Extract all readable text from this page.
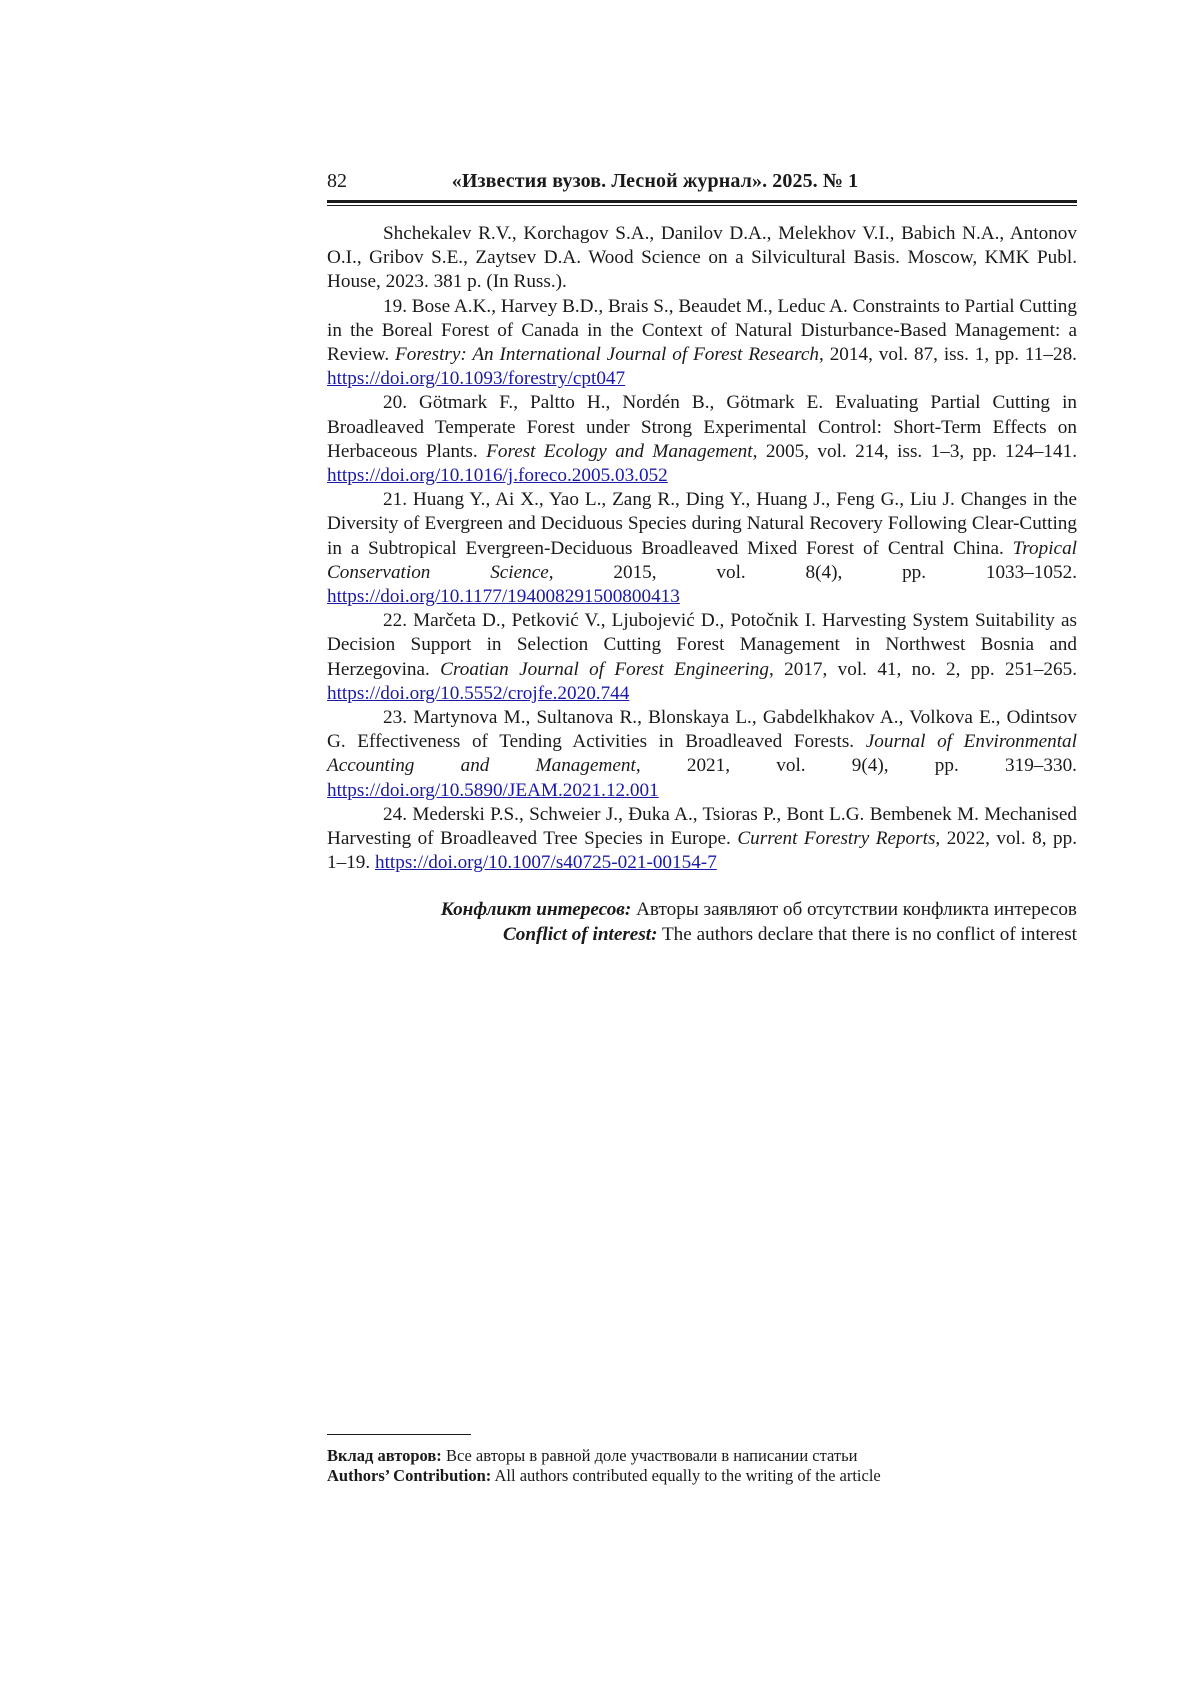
82	«Известия вузов. Лесной журнал». 2025. № 1

Shchekalev R.V., Korchagov S.A., Danilov D.A., Melekhov V.I., Babich N.A., Antonov O.I., Gribov S.E., Zaytsev D.A. Wood Science on a Silvicultural Basis. Moscow, KMK Publ. House, 2023. 381 p. (In Russ.).

19. Bose A.K., Harvey B.D., Brais S., Beaudet M., Leduc A. Constraints to Partial Cutting in the Boreal Forest of Canada in the Context of Natural Disturbance-Based Management: a Review. Forestry: An International Journal of Forest Research, 2014, vol. 87, iss. 1, pp. 11–28. https://doi.org/10.1093/forestry/cpt047

20. Götmark F., Paltto H., Nordén B., Götmark E. Evaluating Partial Cutting in Broadleaved Temperate Forest under Strong Experimental Control: Short-Term Effects on Herbaceous Plants. Forest Ecology and Management, 2005, vol. 214, iss. 1–3, pp. 124–141. https://doi.org/10.1016/j.foreco.2005.03.052

21. Huang Y., Ai X., Yao L., Zang R., Ding Y., Huang J., Feng G., Liu J. Changes in the Diversity of Evergreen and Deciduous Species during Natural Recovery Following Clear-Cutting in a Subtropical Evergreen-Deciduous Broadleaved Mixed Forest of Central China. Tropical Conservation Science, 2015, vol. 8(4), pp. 1033–1052. https://doi.org/10.1177/194008291500800413

22. Marčeta D., Petković V., Ljubojević D., Potočnik I. Harvesting System Suitability as Decision Support in Selection Cutting Forest Management in Northwest Bosnia and Herzegovina. Croatian Journal of Forest Engineering, 2017, vol. 41, no. 2, pp. 251–265. https://doi.org/10.5552/crojfe.2020.744

23. Martynova M., Sultanova R., Blonskaya L., Gabdelkhakov A., Volkova E., Odintsov G. Effectiveness of Tending Activities in Broadleaved Forests. Journal of Environmental Accounting and Management, 2021, vol. 9(4), pp. 319–330. https://doi.org/10.5890/JEAM.2021.12.001

24. Mederski P.S., Schweier J., Đuka A., Tsioras P., Bont L.G. Bembenek M. Mechanised Harvesting of Broadleaved Tree Species in Europe. Current Forestry Reports, 2022, vol. 8, pp. 1–19. https://doi.org/10.1007/s40725-021-00154-7

Конфликт интересов: Авторы заявляют об отсутствии конфликта интересов
Conflict of interest: The authors declare that there is no conflict of interest
Вклад авторов: Все авторы в равной доле участвовали в написании статьи
Authors’ Contribution: All authors contributed equally to the writing of the article
